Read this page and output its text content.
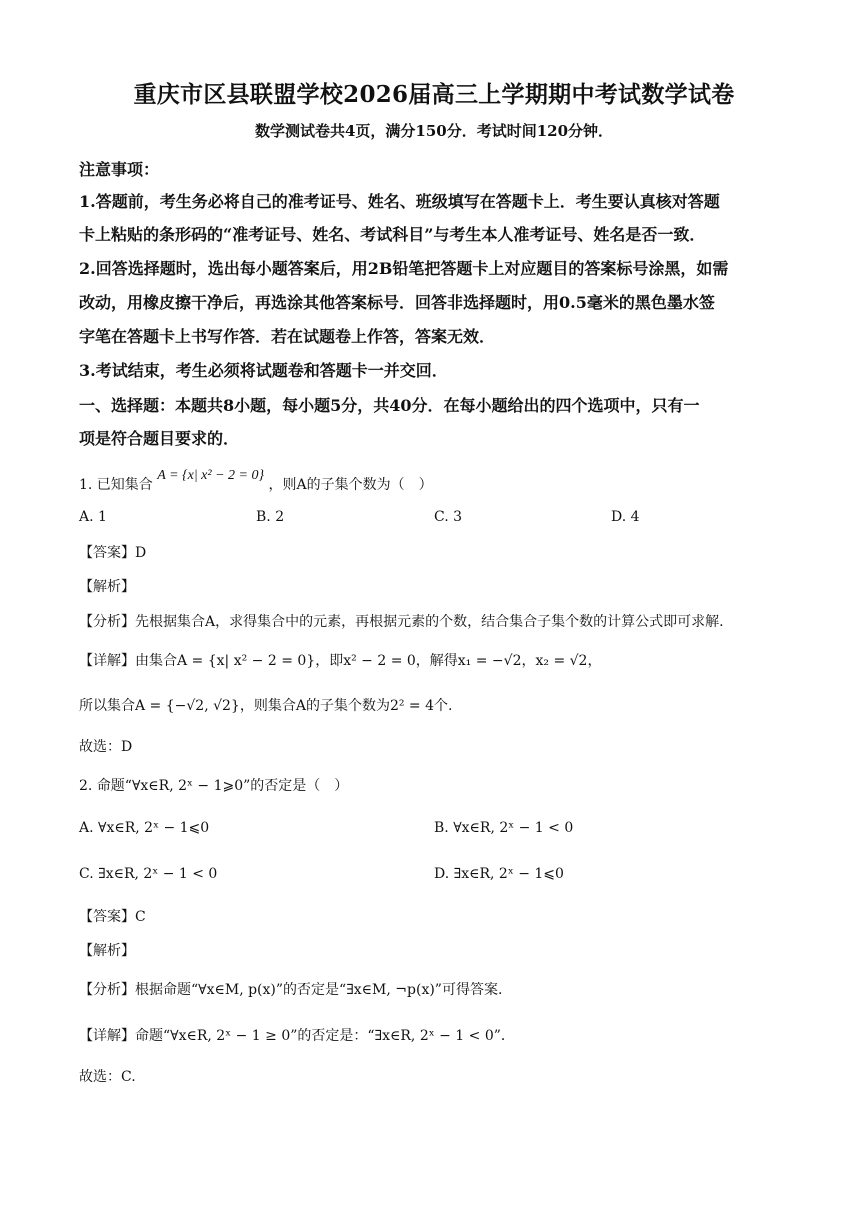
重庆市区县联盟学校2026届高三上学期期中考试数学试卷
数学测试卷共4页，满分150分．考试时间120分钟．
注意事项：
1.答题前，考生务必将自己的准考证号、姓名、班级填写在答题卡上．考生要认真核对答题
卡上粘贴的条形码的“准考证号、姓名、考试科目”与考生本人准考证号、姓名是否一致．
2.回答选择题时，选出每小题答案后，用2B铅笔把答题卡上对应题目的答案标号涂黑，如需
改动，用橡皮擦干净后，再选涂其他答案标号．回答非选择题时，用0.5毫米的黑色墨水签
字笔在答题卡上书写作答．若在试题卷上作答，答案无效．
3.考试结束，考生必须将试题卷和答题卡一并交回．
一、选择题：本题共8小题，每小题5分，共40分．在每小题给出的四个选项中，只有一
项是符合题目要求的．
1. 已知集合 A = {x| x² − 2 = 0} ，则A的子集个数为（　）
A. 1	B. 2	C. 3	D. 4
【答案】D
【解析】
【分析】先根据集合A，求得集合中的元素，再根据元素的个数，结合集合子集个数的计算公式即可求解.
【详解】由集合A = {x| x² − 2 = 0}，即x² − 2 = 0，解得x₁ = −√2，x₂ = √2，
所以集合A = {−√2, √2}，则集合A的子集个数为2² = 4个.
故选：D
2. 命题“∀x∈R, 2ˣ − 1⩾0”的否定是（　）
A. ∀x∈R, 2ˣ − 1⩽0	B. ∀x∈R, 2ˣ − 1 < 0
C. ∃x∈R, 2ˣ − 1 < 0	D. ∃x∈R, 2ˣ − 1⩽0
【答案】C
【解析】
【分析】根据命题“∀x∈M, p(x)”的否定是“∃x∈M, ¬p(x)”可得答案.
【详解】命题“∀x∈R, 2ˣ − 1 ≥ 0”的否定是：“∃x∈R, 2ˣ − 1 < 0”．
故选：C.
